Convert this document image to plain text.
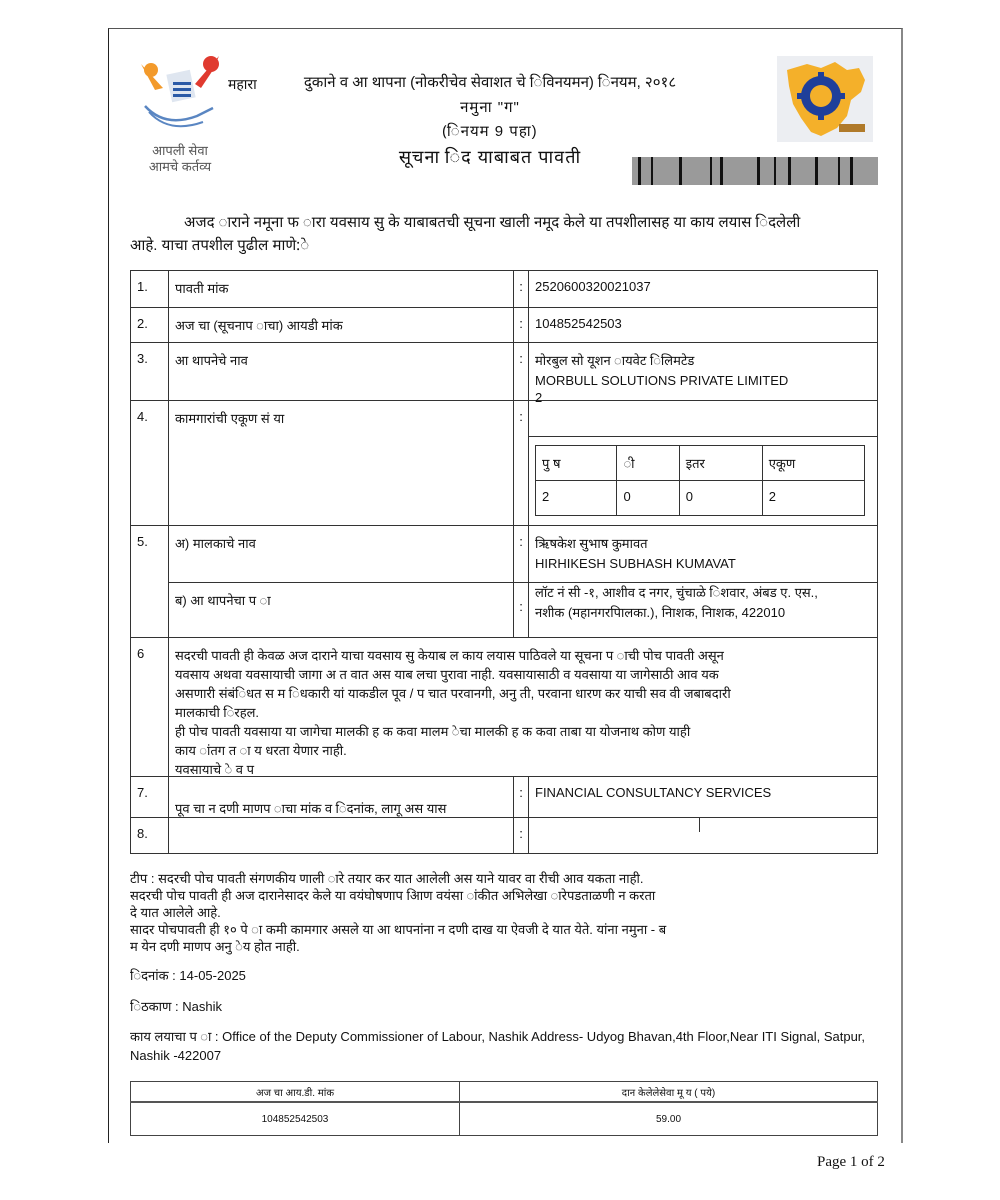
आपली सेवा
आमचे कर्तव्य
महारा	दुकाने व आ थापना (नोकरीचेव सेवाशत चे िविनयमन) िनयम, २०१८
नमुना "ग"
(िनयम 9 पहा)
सूचना िद याबाबत पावती
अजद ाराने नमूना फ ारा यवसाय सु के याबाबतची सूचना खाली नमूद केले या तपशीलासह या काय लयास िदलेली आहे. याचा तपशील पुढील माणे:े
1.	पावती मांक	:	2520600320021037
2.	अज चा (सूचनाप ाचा) आयडी मांक	:	104852542503
3.	आ थापनेचे नाव	:	मोरबुल सो यूशन ायवेट िलिमटेड
MORBULL SOLUTIONS PRIVATE LIMITED
2

4.	कामगारांची एकूण सं या	:	
पु ष	ी	इतर	एकूण
2	0	0	2

5.	अ) मालकाचे नाव	:	ऋिषकेश सुभाष कुमावत
HIRHIKESH SUBHASH KUMAVAT

ब) आ थापनेचा प ा	:	
लॉट नं सी -१, आशीव द नगर, चुंचाळे िशवार, अंबड ए. एस.,
नशीक (महानगरपािलका.), निाशक, निाशक, 422010

6	सदरची पावती ही केवळ अज दाराने याचा यवसाय सु केयाब ल काय लयास पाठिवले या सूचना प ाची पोच पावती असून
यवसाय अथवा यवसायाची जागा अ त वात अस याब लचा पुरावा नाही. यवसायासाठी व यवसाया या जागेसाठी आव यक
असणारी संबंिधत स म िधकारी यां याकडील पूव / प चात परवानगी, अनु ती, परवाना धारण कर याची सव वी जबाबदारी
मालकाची िरहल.
ही पोच पावती यवसाया या जागेचा मालकी ह क कवा मालम ेचा मालकी ह क कवा ताबा या योजनाथ कोण याही
काय ांतग त ा य धरता येणार नाही.
यवसायाचे े व प

7.	पूव चा न दणी माणप ाचा मांक व िदनांक, लागू अस यास	:	FINANCIAL CONSULTANCY SERVICES
8.		:	
टीप : सदरची पोच पावती संगणकीय णाली ारे तयार कर यात आलेली अस याने यावर वा रीची आव यकता नाही.
सदरची पोच पावती ही अज दारानेसादर केले या वयंघोषणाप आिण वयंसा ांकीत अभिलेखा ारेपडताळणी न करता
दे यात आलेले आहे.
सादर पोचपावती ही १० पे ा कमी कामगार असले या आ थापनांना न दणी दाख या ऐवजी दे यात येते. यांना नमुना - ब
म येन दणी माणप अनु ेय होत नाही.
िदनांक : 14-05-2025
िठकाण : Nashik
काय लयाचा प ा : Office of the Deputy Commissioner of Labour, Nashik Address- Udyog Bhavan,4th Floor,Near ITI Signal, Satpur,
Nashik -422007
अज चा आय.डी. मांक	दान केलेलेसेवा मू य ( पये)
104852542503	59.00
Page 1 of 2
